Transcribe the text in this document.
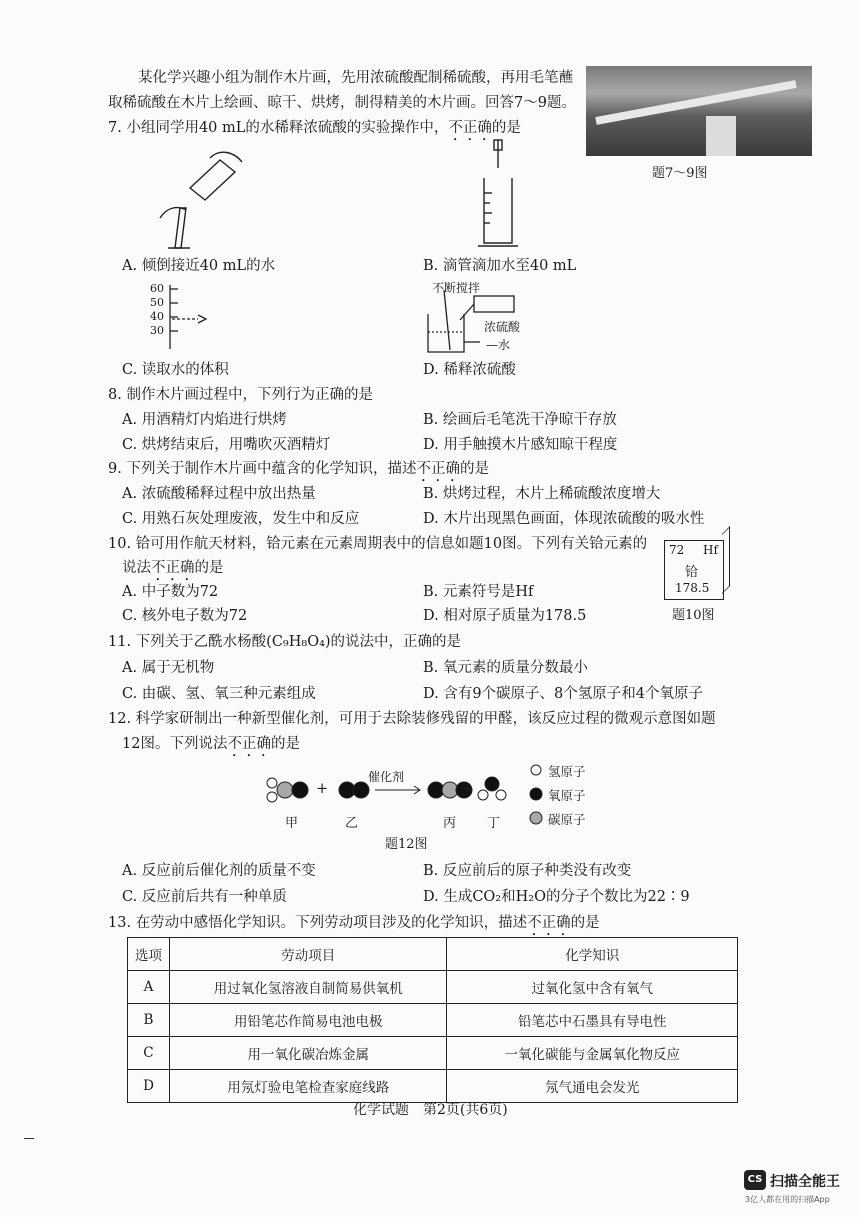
某化学兴趣小组为制作木片画，先用浓硫酸配制稀硫酸，再用毛笔蘸
取稀硫酸在木片上绘画、晾干、烘烤，制得精美的木片画。回答7～9题。
题7～9图
7. 小组同学用40 mL的水稀释浓硫酸的实验操作中，不正确的是
A. 倾倒接近40 mL的水	B. 滴管滴加水至40 mL
60
50
40
30
C. 读取水的体积
不断搅拌
浓硫酸
—水
D. 稀释浓硫酸
8. 制作木片画过程中，下列行为正确的是
A. 用酒精灯内焰进行烘烤	B. 绘画后毛笔洗干净晾干存放
C. 烘烤结束后，用嘴吹灭酒精灯	D. 用手触摸木片感知晾干程度
9. 下列关于制作木片画中蕴含的化学知识，描述不正确的是
A. 浓硫酸稀释过程中放出热量	B. 烘烤过程，木片上稀硫酸浓度增大
C. 用熟石灰处理废液，发生中和反应	D. 木片出现黑色画面，体现浓硫酸的吸水性
10. 铪可用作航天材料，铪元素在元素周期表中的信息如题10图。下列有关铪元素的
说法不正确的是
A. 中子数为72	B. 元素符号是Hf
C. 核外电子数为72	D. 相对原子质量为178.5
72 Hf
铪
178.5
题10图
11. 下列关于乙酰水杨酸(C₉H₈O₄)的说法中，正确的是
A. 属于无机物	B. 氧元素的质量分数最小
C. 由碳、氢、氧三种元素组成	D. 含有9个碳原子、8个氢原子和4个氧原子
12. 科学家研制出一种新型催化剂，可用于去除装修残留的甲醛，该反应过程的微观示意图如题
12图。下列说法不正确的是
+	+
催化剂
甲	乙	丙 丁
氢原子
氧原子
碳原子
题12图
A. 反应前后催化剂的质量不变	B. 反应前后的原子种类没有改变
C. 反应前后共有一种单质	D. 生成CO₂和H₂O的分子个数比为22∶9
13. 在劳动中感悟化学知识。下列劳动项目涉及的化学知识，描述不正确的是
选项	劳动项目	化学知识
A	用过氧化氢溶液自制简易供氧机	过氧化氢中含有氧气
B	用铅笔芯作简易电池电极	铅笔芯中石墨具有导电性
C	用一氧化碳冶炼金属	一氧化碳能与金属氧化物反应
D	用氖灯验电笔检查家庭线路	氖气通电会发光
化学试题　第2页(共6页)
CS 扫描全能王
3亿人都在用的扫描App
